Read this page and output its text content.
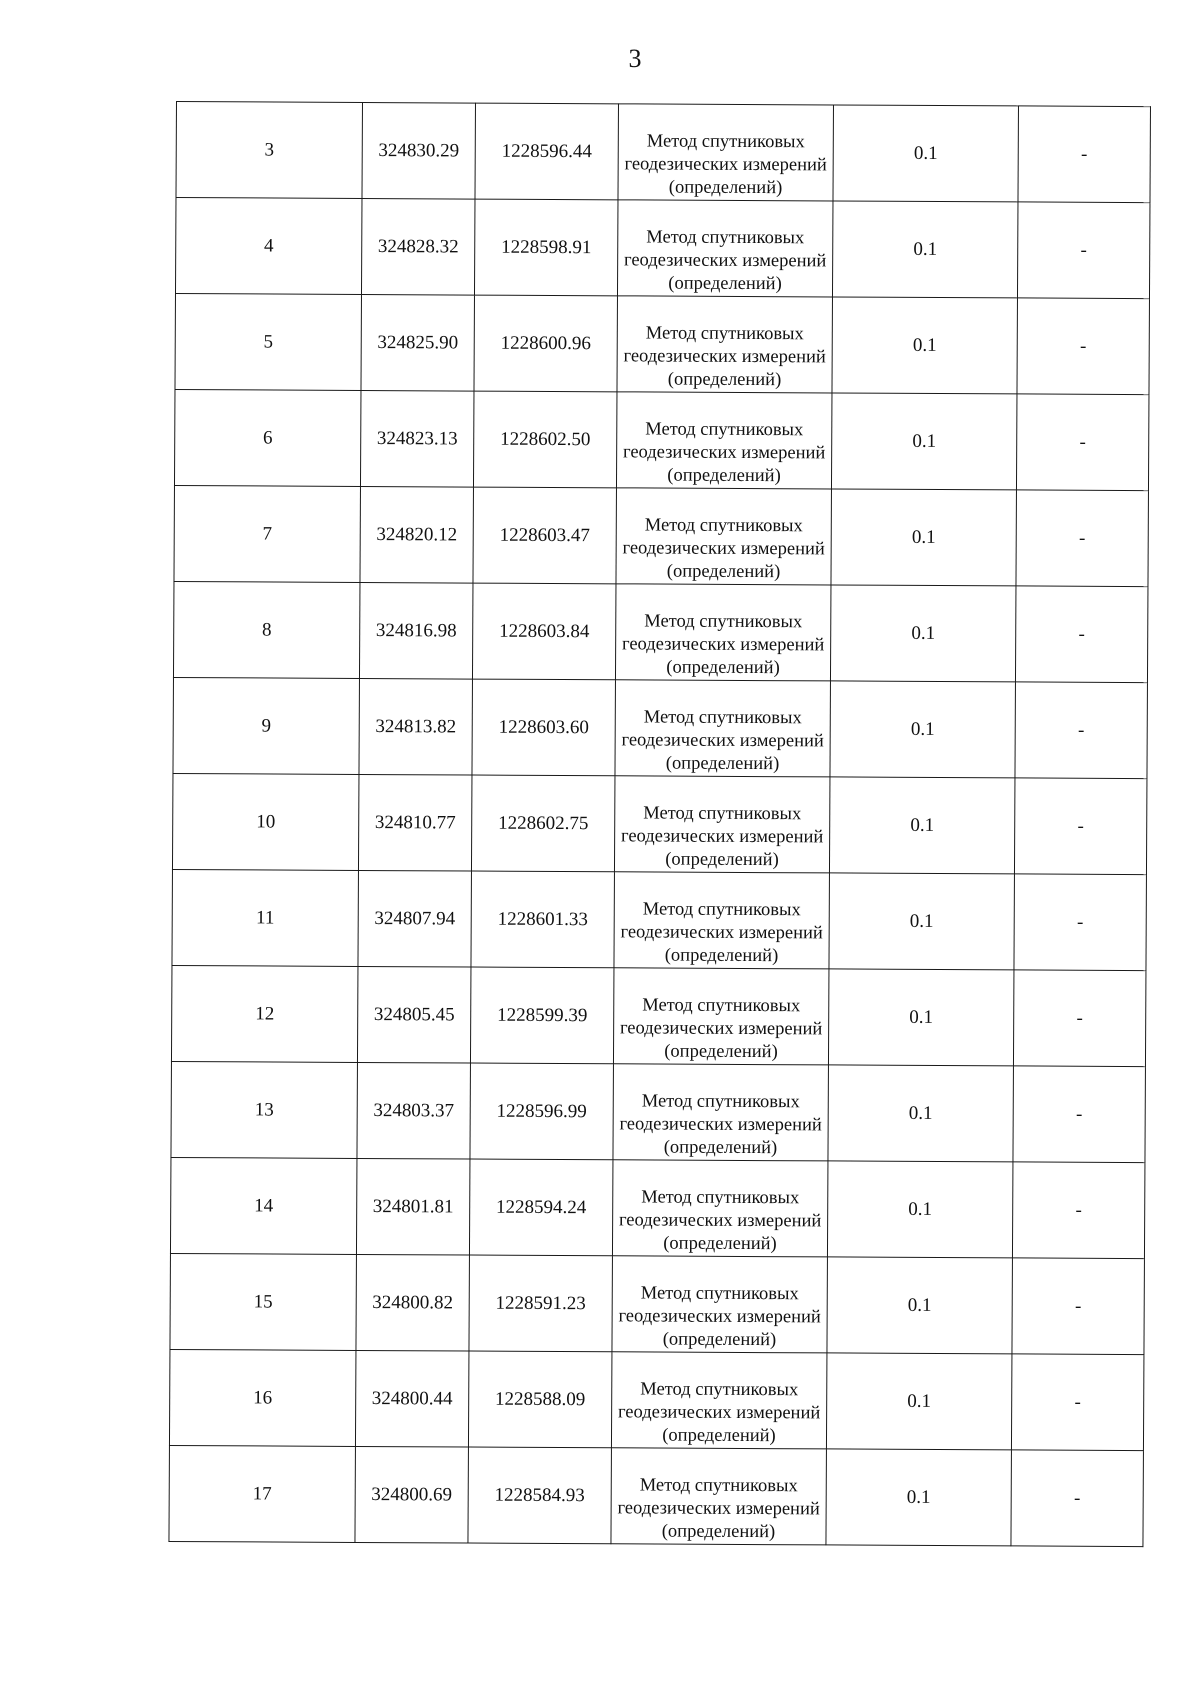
3
3	324830.29	1228596.44	Метод спутниковых геодезических измерений (определений)	0.1	-
4	324828.32	1228598.91	Метод спутниковых геодезических измерений (определений)	0.1	-
5	324825.90	1228600.96	Метод спутниковых геодезических измерений (определений)	0.1	-
6	324823.13	1228602.50	Метод спутниковых геодезических измерений (определений)	0.1	-
7	324820.12	1228603.47	Метод спутниковых геодезических измерений (определений)	0.1	-
8	324816.98	1228603.84	Метод спутниковых геодезических измерений (определений)	0.1	-
9	324813.82	1228603.60	Метод спутниковых геодезических измерений (определений)	0.1	-
10	324810.77	1228602.75	Метод спутниковых геодезических измерений (определений)	0.1	-
11	324807.94	1228601.33	Метод спутниковых геодезических измерений (определений)	0.1	-
12	324805.45	1228599.39	Метод спутниковых геодезических измерений (определений)	0.1	-
13	324803.37	1228596.99	Метод спутниковых геодезических измерений (определений)	0.1	-
14	324801.81	1228594.24	Метод спутниковых геодезических измерений (определений)	0.1	-
15	324800.82	1228591.23	Метод спутниковых геодезических измерений (определений)	0.1	-
16	324800.44	1228588.09	Метод спутниковых геодезических измерений (определений)	0.1	-
17	324800.69	1228584.93	Метод спутниковых геодезических измерений (определений)	0.1	-
